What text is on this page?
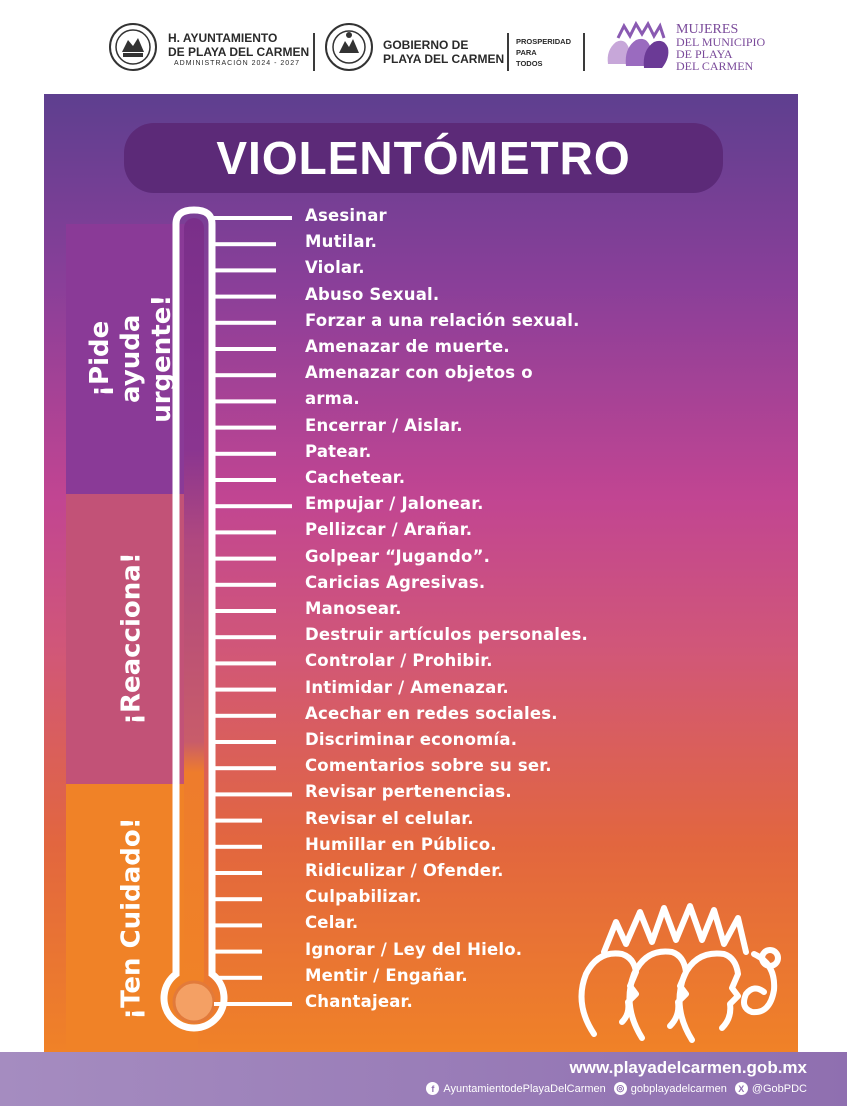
H. AYUNTAMIENTO
DE PLAYA DEL CARMEN
ADMINISTRACIÓN 2024 - 2027
GOBIERNO DE
PLAYA DEL CARMEN
PROSPERIDAD
PARA
TODOS
MUJERES
DEL MUNICIPIO
DE PLAYA
DEL CARMEN
VIOLENTÓMETRO
¡Pide ayuda urgente!
¡Reacciona!
¡Ten Cuidado!
Asesinar
Mutilar.
Violar.
Abuso Sexual.
Forzar a una relación sexual.
Amenazar de muerte.
Amenazar con objetos o
arma.
Encerrar / Aislar.
Patear.
Cachetear.
Empujar / Jalonear.
Pellizcar / Arañar.
Golpear “Jugando”.
Caricias Agresivas.
Manosear.
Destruir artículos personales.
Controlar / Prohibir.
Intimidar / Amenazar.
Acechar en redes sociales.
Discriminar economía.
Comentarios sobre su ser.
Revisar pertenencias.
Revisar el celular.
Humillar en Público.
Ridiculizar / Ofender.
Culpabilizar.
Celar.
Ignorar / Ley del Hielo.
Mentir / Engañar.
Chantajear.
www.playadelcarmen.gob.mx
f AyuntamientodePlayaDelCarmen ◎ gobplayadelcarmen	X @GobPDC
